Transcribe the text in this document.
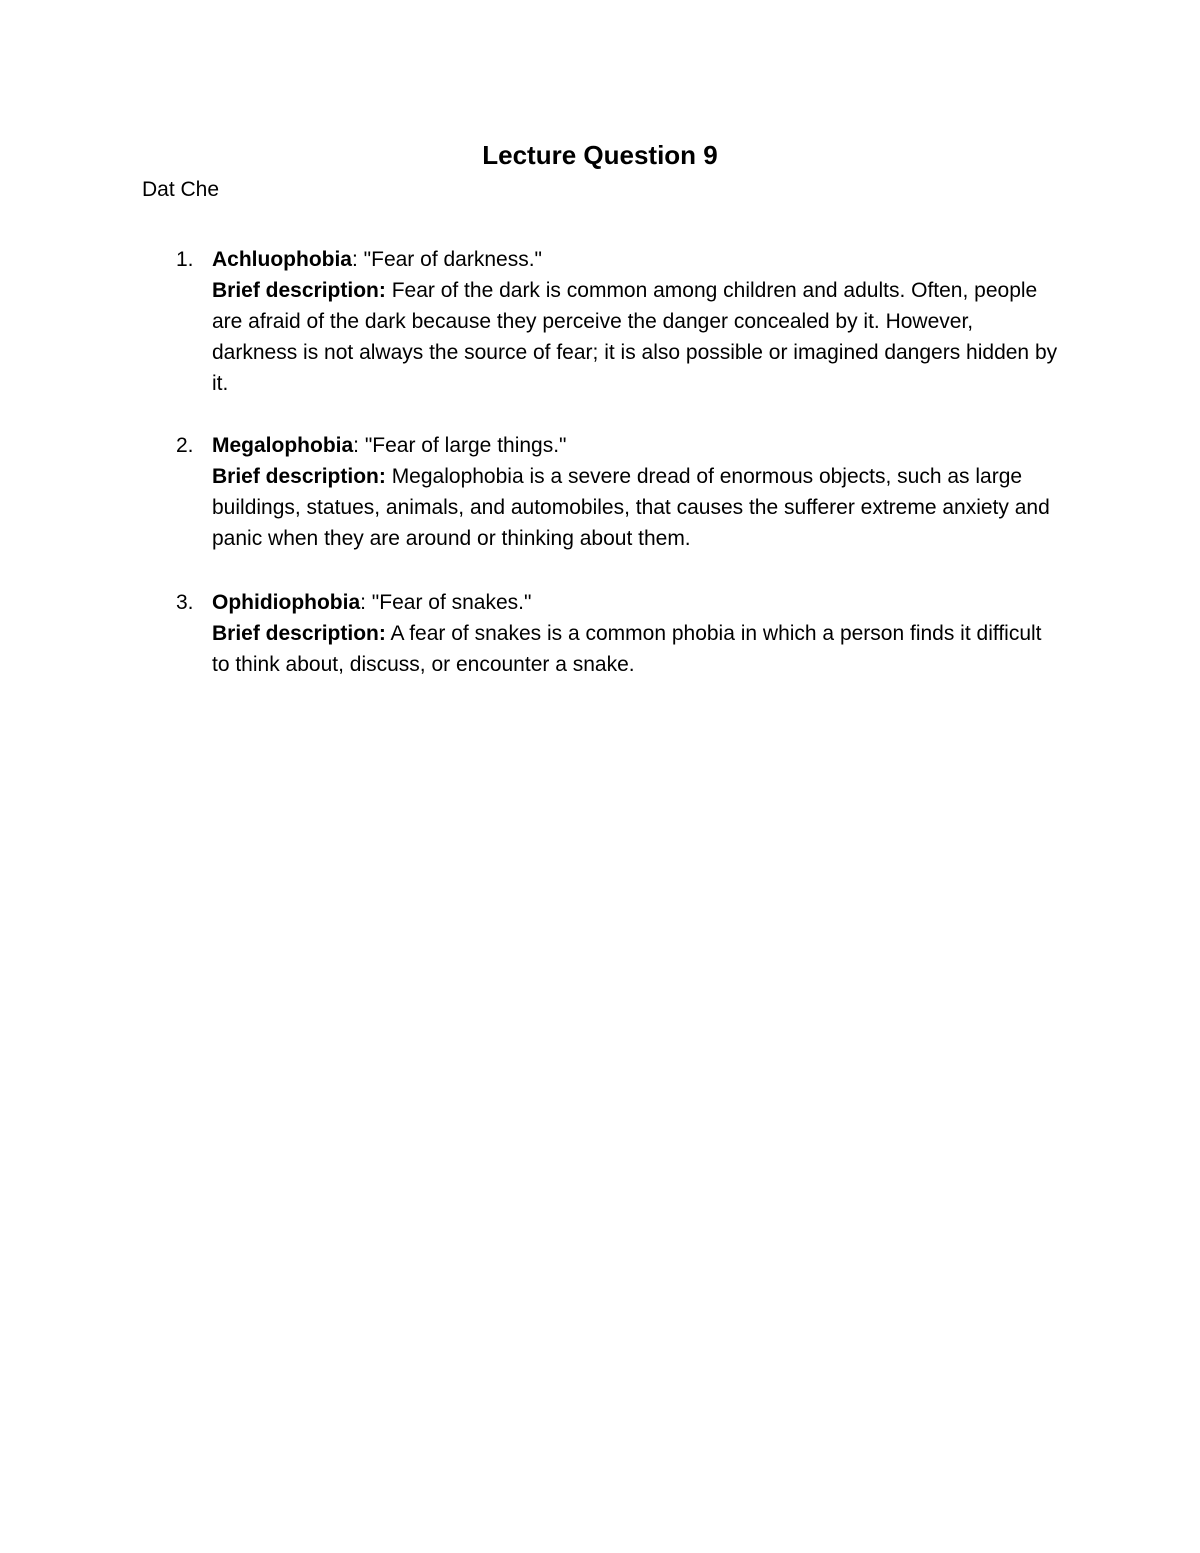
Lecture Question 9
Dat Che
1. Achluophobia: "Fear of darkness."
Brief description: Fear of the dark is common among children and adults. Often, people are afraid of the dark because they perceive the danger concealed by it. However, darkness is not always the source of fear; it is also possible or imagined dangers hidden by it.
2. Megalophobia: "Fear of large things."
Brief description: Megalophobia is a severe dread of enormous objects, such as large buildings, statues, animals, and automobiles, that causes the sufferer extreme anxiety and panic when they are around or thinking about them.
3. Ophidiophobia: "Fear of snakes."
Brief description: A fear of snakes is a common phobia in which a person finds it difficult to think about, discuss, or encounter a snake.
